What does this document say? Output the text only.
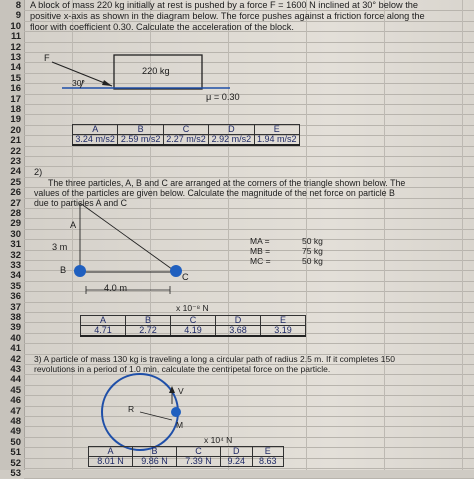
8
9
10
11
12
13
14
15
16
17
18
19
20
21
22
23
24
25
26
27
28
29
30
31
32
33
34
35
36
37
38
39
40
41
42
43
44
45
46
47
48
49
50
51
52
53
A block of mass 220 kg initially at rest is pushed by a force F = 1600 N inclined at 30° below the
positive x-axis as shown in the diagram below. The force pushes against a friction force along the
floor with coefficient 0.30. Calculate the acceleration of the block.
F
220 kg
30°
μ = 0.30
A	B	C	D	E
3.24 m/s2	2.59 m/s2	2.27 m/s2	2.92 m/s2	1.94 m/s2
2)
The three particles, A, B and C are arranged at the corners of the triangle shown below. The
values of the particles are given below. Calculate the magnitude of the net force on particle B
due to particles A and C
A
3 m
B
C
4.0 m
MA =	50 kg
MB =	75 kg
MC =	50 kg
x 10⁻⁸ N
A	B	C	D	E
4.71	2.72	4.19	3.68	3.19
3) A particle of mass 130 kg is traveling a long a circular path of radius 2.5 m. If it completes 150
revolutions in a period of 1.0 min, calculate the centripetal force on the particle.
V
R
M
x 10⁴ N
A	B	C	D	E
8.01 N	9.86 N	7.39 N	9.24	8.63
